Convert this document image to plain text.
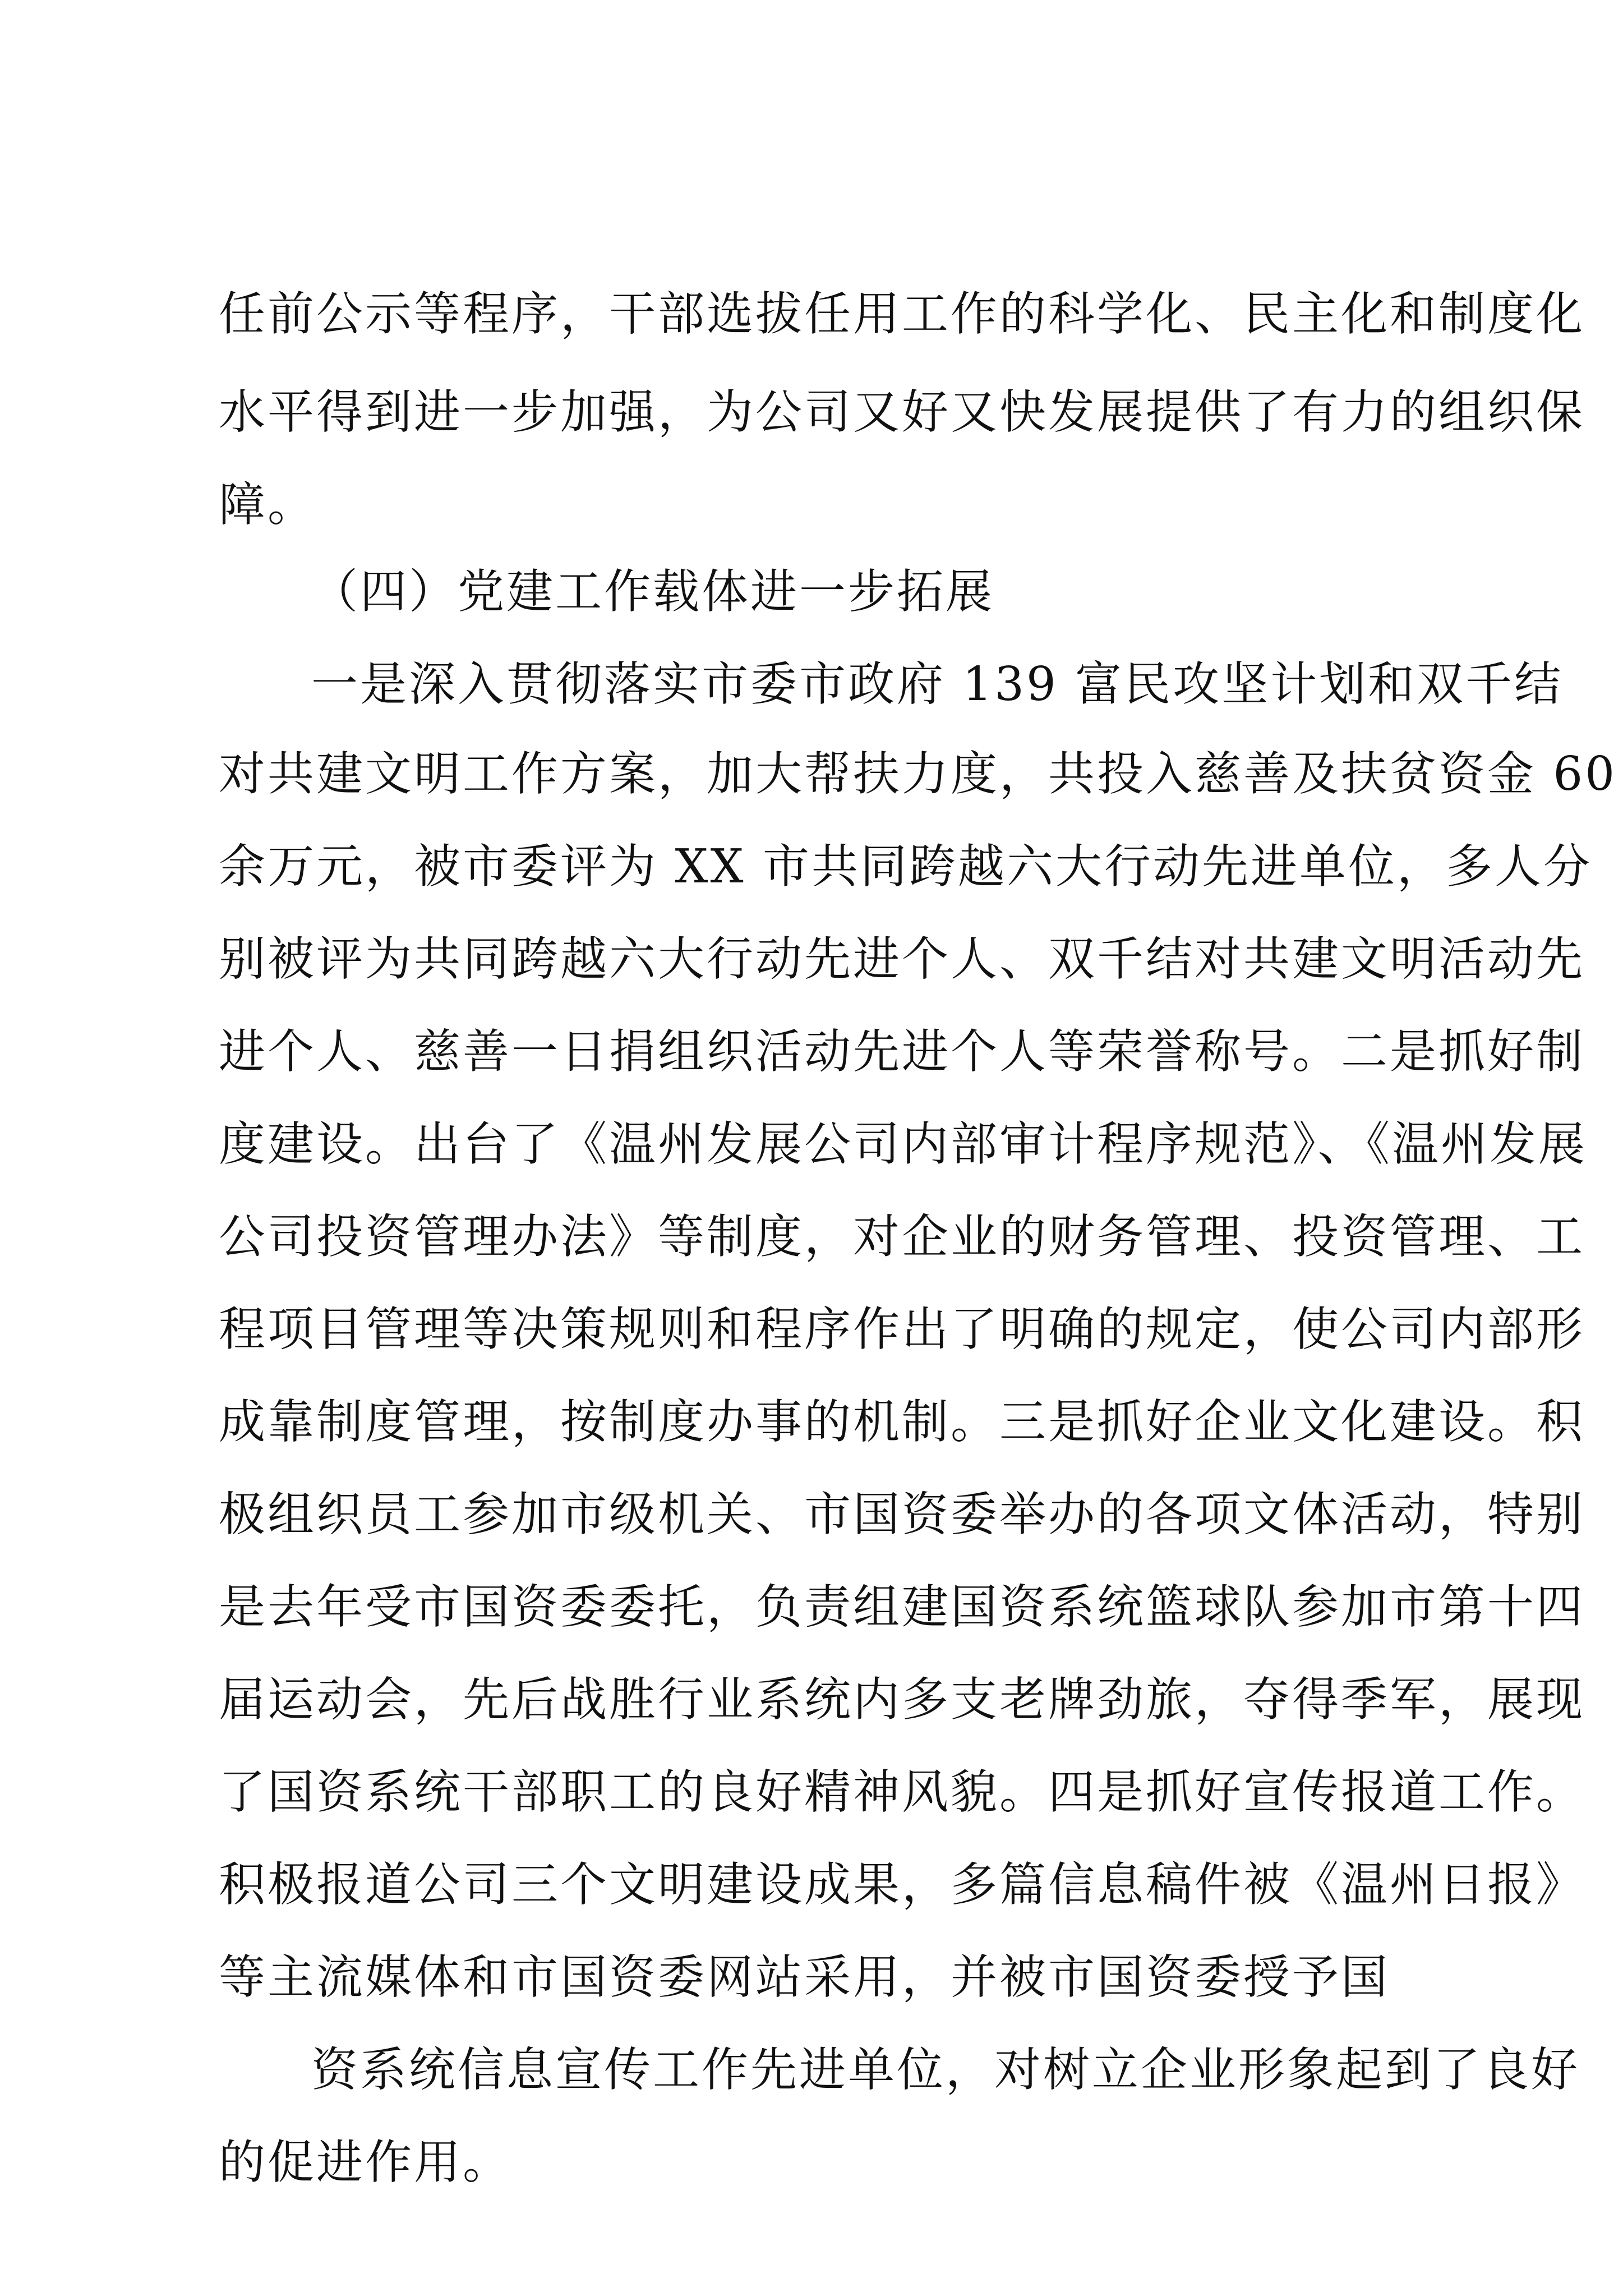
任前公示等程序，干部选拔任用工作的科学化、民主化和制度化
水平得到进一步加强，为公司又好又快发展提供了有力的组织保
障。
（四）党建工作载体进一步拓展
一是深入贯彻落实市委市政府 139 富民攻坚计划和双千结
对共建文明工作方案，加大帮扶力度，共投入慈善及扶贫资金 60
余万元，被市委评为 XX 市共同跨越六大行动先进单位，多人分
别被评为共同跨越六大行动先进个人、双千结对共建文明活动先
进个人、慈善一日捐组织活动先进个人等荣誉称号。二是抓好制
度建设。出台了《温州发展公司内部审计程序规范》、《温州发展
公司投资管理办法》等制度，对企业的财务管理、投资管理、工
程项目管理等决策规则和程序作出了明确的规定，使公司内部形
成靠制度管理，按制度办事的机制。三是抓好企业文化建设。积
极组织员工参加市级机关、市国资委举办的各项文体活动，特别
是去年受市国资委委托，负责组建国资系统篮球队参加市第十四
届运动会，先后战胜行业系统内多支老牌劲旅，夺得季军，展现
了国资系统干部职工的良好精神风貌。四是抓好宣传报道工作。
积极报道公司三个文明建设成果，多篇信息稿件被《温州日报》
等主流媒体和市国资委网站采用，并被市国资委授予国
资系统信息宣传工作先进单位，对树立企业形象起到了良好
的促进作用。
